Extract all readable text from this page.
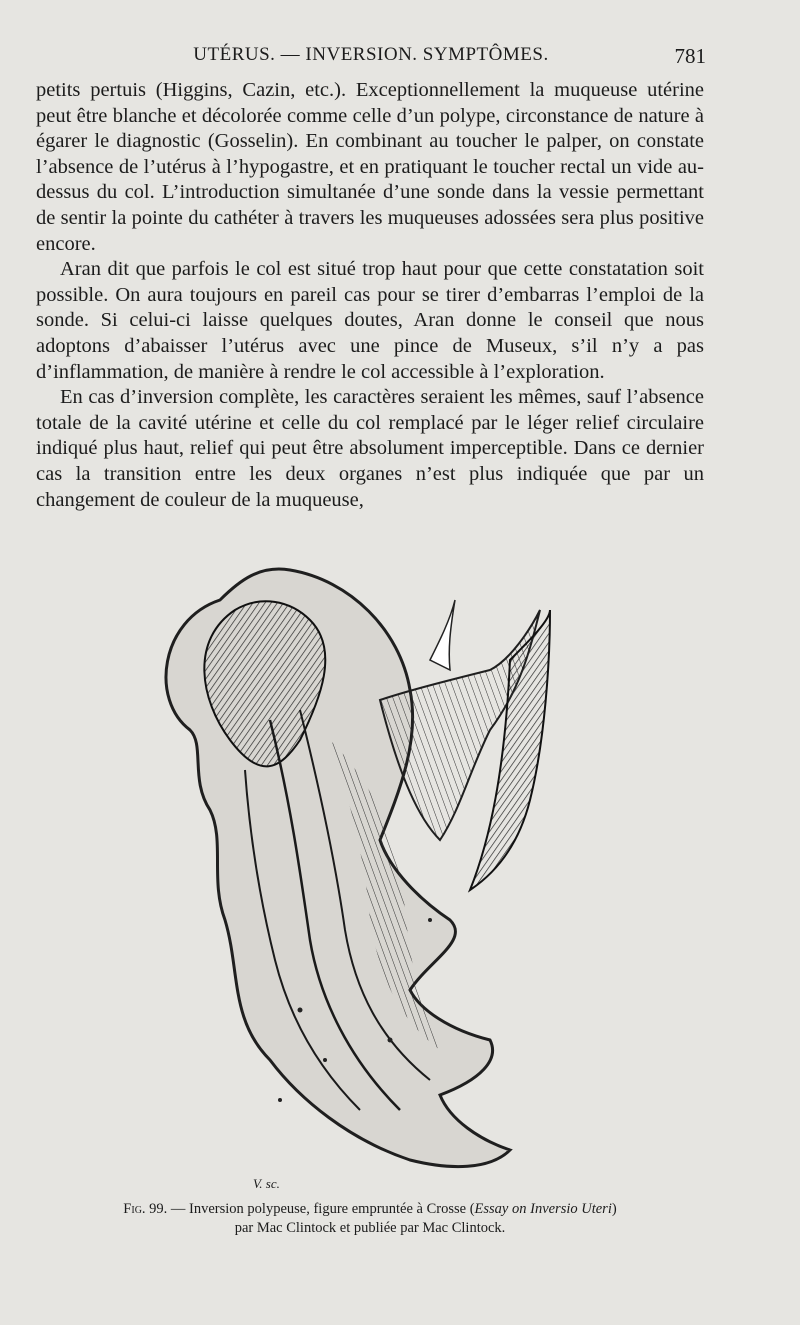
UTÉRUS. — INVERSION. SYMPTÔMES.	781

petits pertuis (Higgins, Cazin, etc.). Exceptionnellement la muqueuse utérine peut être blanche et décolorée comme celle d’un polype, circonstance de nature à égarer le diagnostic (Gosselin). En combinant au toucher le palper, on constate l’absence de l’utérus à l’hypogastre, et en pratiquant le toucher rectal un vide au-dessus du col. L’introduction simultanée d’une sonde dans la vessie permettant de sentir la pointe du cathéter à travers les muqueuses adossées sera plus positive encore.

Aran dit que parfois le col est situé trop haut pour que cette constatation soit possible. On aura toujours en pareil cas pour se tirer d’embarras l’emploi de la sonde. Si celui-ci laisse quelques doutes, Aran donne le conseil que nous adoptons d’abaisser l’utérus avec une pince de Museux, s’il n’y a pas d’inflammation, de manière à rendre le col accessible à l’exploration.

En cas d’inversion complète, les caractères seraient les mêmes, sauf l’absence totale de la cavité utérine et celle du col remplacé par le léger relief circulaire indiqué plus haut, relief qui peut être absolument imperceptible. Dans ce dernier cas la transition entre les deux organes n’est plus indiquée que par un changement de couleur de la muqueuse,

V. sc.
Fig. 99. — Inversion polypeuse, figure empruntée à Crosse (Essay on Inversio Uteri)
par Mac Clintock et publiée par Mac Clintock.
